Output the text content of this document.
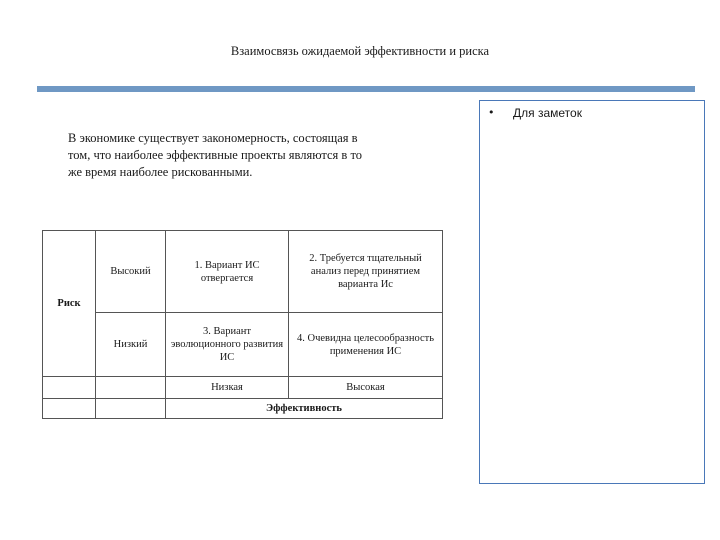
Взаимосвязь ожидаемой эффективности и риска
• Для заметок
В экономике существует закономерность, состоящая в том, что наиболее эффективные проекты являются в то же время наиболее рискованными.
Риск	Высокий	1. Вариант ИС отвергается	2. Требуется тщательный анализ перед принятием варианта Ис
	Низкий	3. Вариант эволюционного развития ИС	4. Очевидна целесообразность применения ИС
		Низкая	Высокая
		Эффективность	
